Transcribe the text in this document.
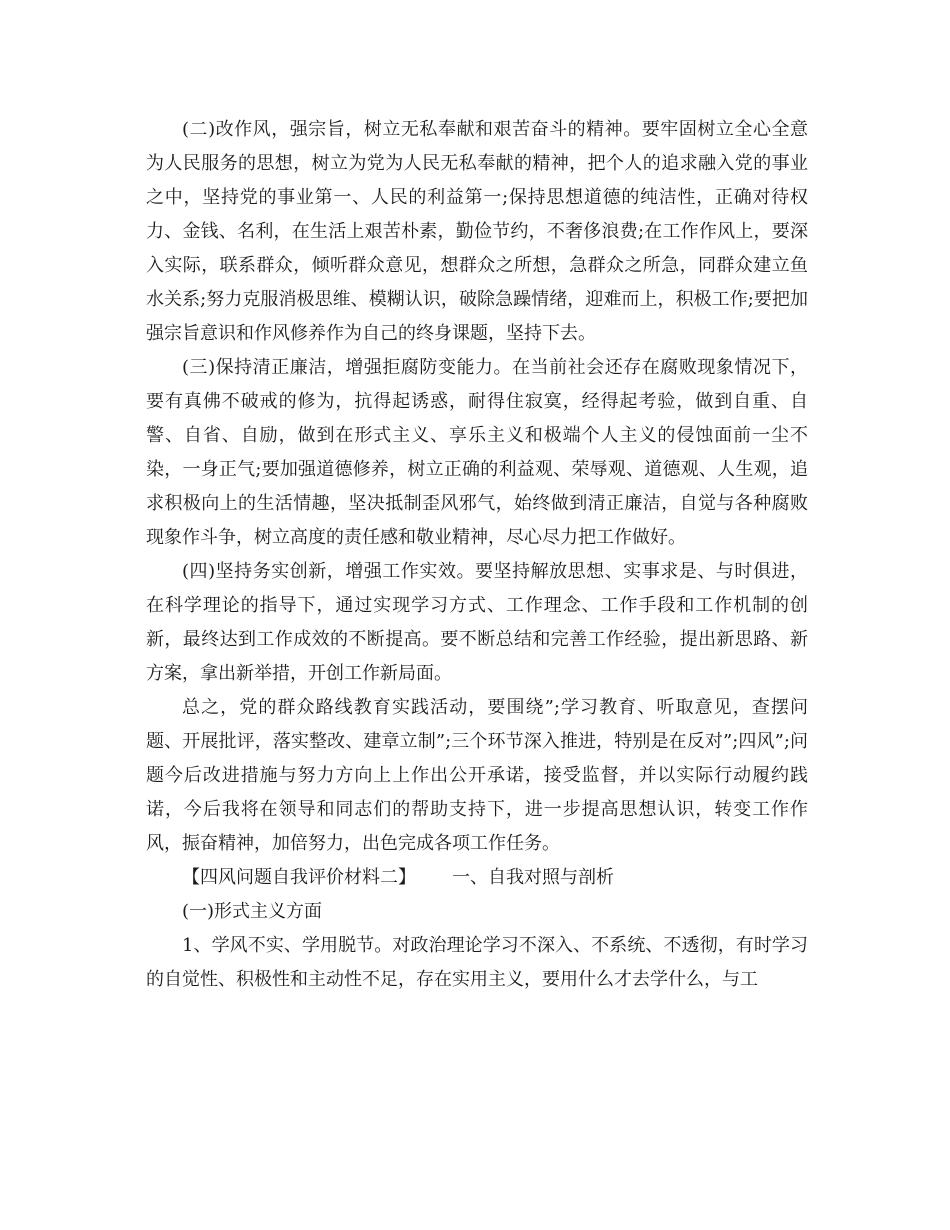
(二)改作风，强宗旨，树立无私奉献和艰苦奋斗的精神。要牢固树立全心全意为人民服务的思想，树立为党为人民无私奉献的精神，把个人的追求融入党的事业之中，坚持党的事业第一、人民的利益第一;保持思想道德的纯洁性，正确对待权力、金钱、名利，在生活上艰苦朴素，勤俭节约，不奢侈浪费;在工作作风上，要深入实际，联系群众，倾听群众意见，想群众之所想，急群众之所急，同群众建立鱼水关系;努力克服消极思维、模糊认识，破除急躁情绪，迎难而上，积极工作;要把加强宗旨意识和作风修养作为自己的终身课题，坚持下去。

(三)保持清正廉洁，增强拒腐防变能力。在当前社会还存在腐败现象情况下，要有真佛不破戒的修为，抗得起诱惑，耐得住寂寞，经得起考验，做到自重、自警、自省、自励，做到在形式主义、享乐主义和极端个人主义的侵蚀面前一尘不染，一身正气;要加强道德修养，树立正确的利益观、荣辱观、道德观、人生观，追求积极向上的生活情趣，坚决抵制歪风邪气，始终做到清正廉洁，自觉与各种腐败现象作斗争，树立高度的责任感和敬业精神，尽心尽力把工作做好。

(四)坚持务实创新，增强工作实效。要坚持解放思想、实事求是、与时俱进，在科学理论的指导下，通过实现学习方式、工作理念、工作手段和工作机制的创新，最终达到工作成效的不断提高。要不断总结和完善工作经验，提出新思路、新方案，拿出新举措，开创工作新局面。

总之，党的群众路线教育实践活动，要围绕”;学习教育、听取意见，查摆问题、开展批评，落实整改、建章立制”;三个环节深入推进，特别是在反对”;四风”;问题今后改进措施与努力方向上上作出公开承诺，接受监督，并以实际行动履约践诺，今后我将在领导和同志们的帮助支持下，进一步提高思想认识，转变工作作风，振奋精神，加倍努力，出色完成各项工作任务。

【四风问题自我评价材料二】 一、自我对照与剖析

(一)形式主义方面

1、学风不实、学用脱节。对政治理论学习不深入、不系统、不透彻，有时学习的自觉性、积极性和主动性不足，存在实用主义，要用什么才去学什么，与工
